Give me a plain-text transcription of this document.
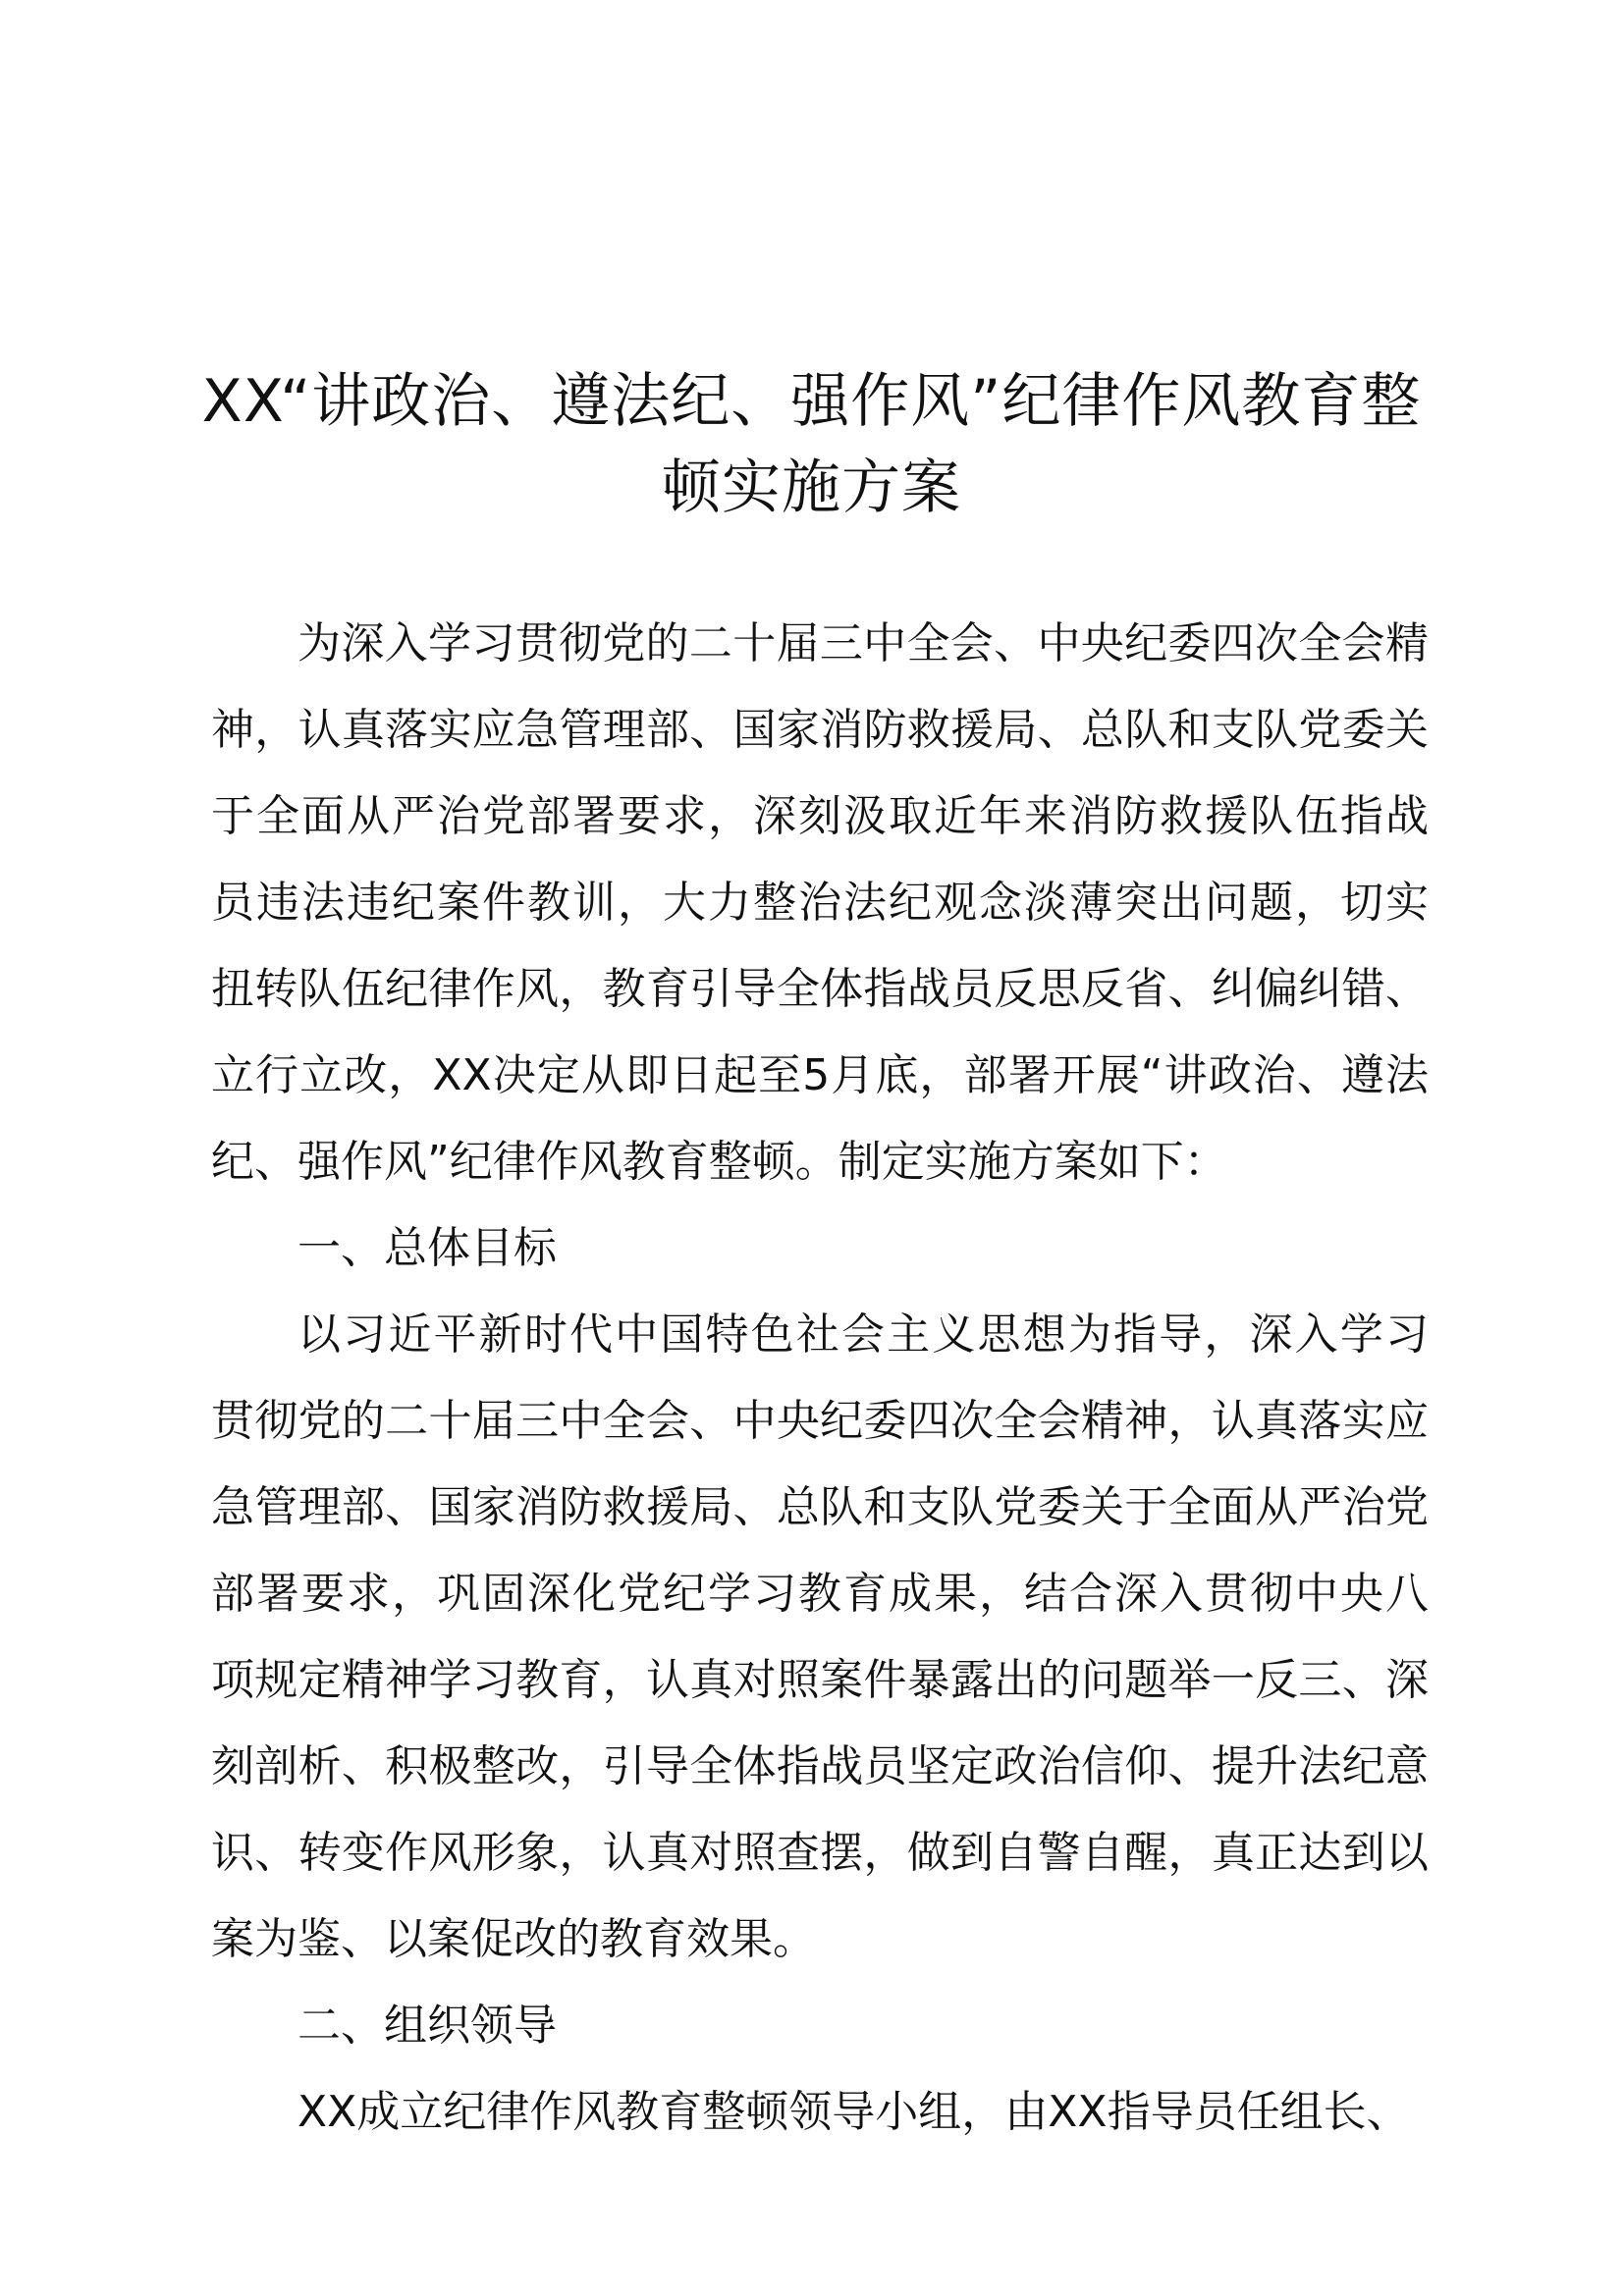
XX“讲政治、遵法纪、强作风”纪律作风教育整
顿实施方案
为深入学习贯彻党的二十届三中全会、中央纪委四次全会精
神，认真落实应急管理部、国家消防救援局、总队和支队党委关
于全面从严治党部署要求，深刻汲取近年来消防救援队伍指战
员违法违纪案件教训，大力整治法纪观念淡薄突出问题，切实
扭转队伍纪律作风，教育引导全体指战员反思反省、纠偏纠错、
立行立改，XX决定从即日起至5月底，部署开展“讲政治、遵法
纪、强作风”纪律作风教育整顿。制定实施方案如下：
一、总体目标
以习近平新时代中国特色社会主义思想为指导，深入学习
贯彻党的二十届三中全会、中央纪委四次全会精神，认真落实应
急管理部、国家消防救援局、总队和支队党委关于全面从严治党
部署要求，巩固深化党纪学习教育成果，结合深入贯彻中央八
项规定精神学习教育，认真对照案件暴露出的问题举一反三、深
刻剖析、积极整改，引导全体指战员坚定政治信仰、提升法纪意
识、转变作风形象，认真对照查摆，做到自警自醒，真正达到以
案为鉴、以案促改的教育效果。
二、组织领导
XX成立纪律作风教育整顿领导小组，由XX指导员任组长、
